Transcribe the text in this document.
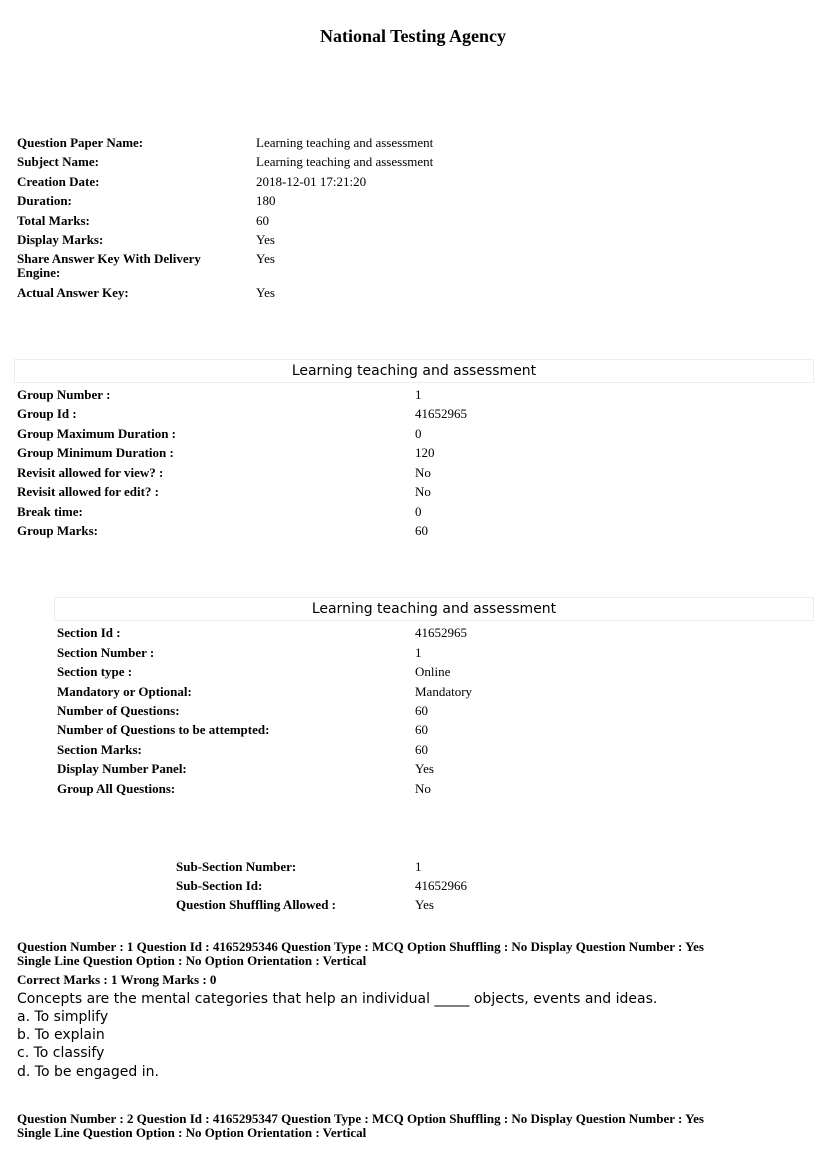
National Testing Agency
Question Paper Name:	Learning teaching and assessment
Subject Name:	Learning teaching and assessment
Creation Date:	2018-12-01 17:21:20
Duration:	180
Total Marks:	60
Display Marks:	Yes
Share Answer Key With Delivery	Yes
Engine:
Actual Answer Key:	Yes
Learning teaching and assessment
Group Number :	1
Group Id :	41652965
Group Maximum Duration :	0
Group Minimum Duration :	120
Revisit allowed for view? :	No
Revisit allowed for edit? :	No
Break time:	0
Group Marks:	60
Learning teaching and assessment
Section Id :	41652965
Section Number :	1
Section type :	Online
Mandatory or Optional:	Mandatory
Number of Questions:	60
Number of Questions to be attempted:	60
Section Marks:	60
Display Number Panel:	Yes
Group All Questions:	No
Sub-Section Number:	1
Sub-Section Id:	41652966
Question Shuffling Allowed :	Yes
Question Number : 1 Question Id : 4165295346 Question Type : MCQ Option Shuffling : No Display Question Number : Yes
Single Line Question Option : No Option Orientation : Vertical
Correct Marks : 1 Wrong Marks : 0
Concepts are the mental categories that help an individual _____ objects, events and ideas.
a. To simplify
b. To explain
c. To classify
d. To be engaged in.
Question Number : 2 Question Id : 4165295347 Question Type : MCQ Option Shuffling : No Display Question Number : Yes
Single Line Question Option : No Option Orientation : Vertical
